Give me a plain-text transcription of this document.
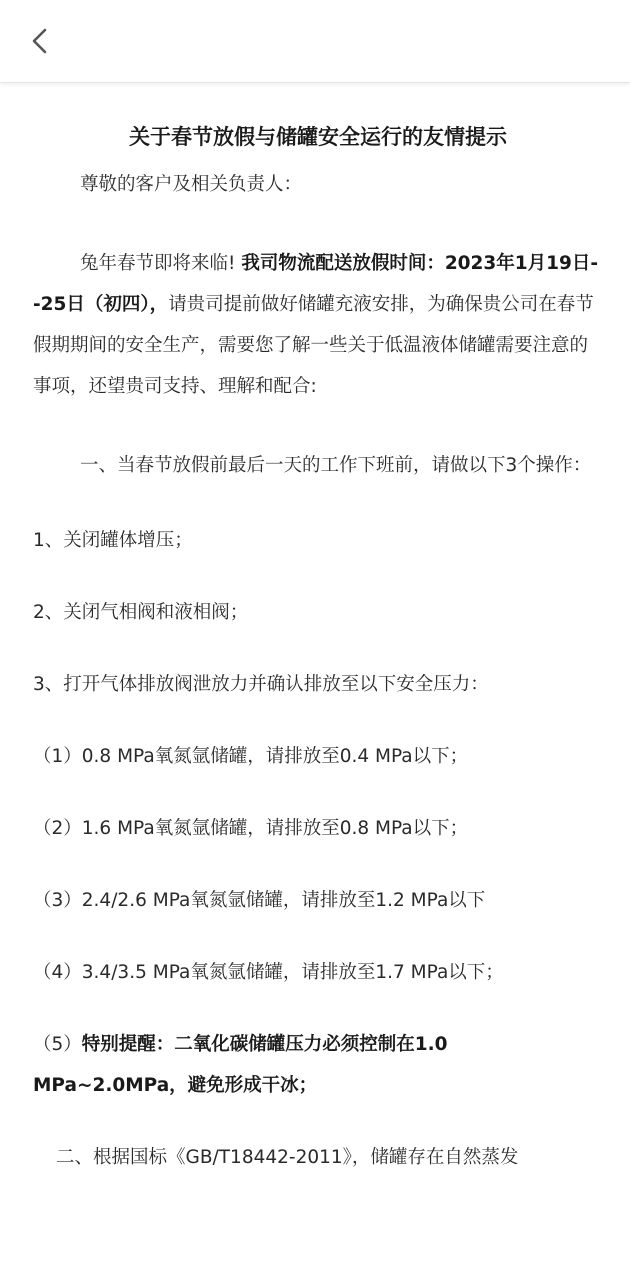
关于春节放假与储罐安全运行的友情提示

尊敬的客户及相关负责人：

兔年春节即将来临! 我司物流配送放假时间：2023年1月19日--25日（初四），请贵司提前做好储罐充液安排，为确保贵公司在春节假期期间的安全生产，需要您了解一些关于低温液体储罐需要注意的事项，还望贵司支持、理解和配合:

一、当春节放假前最后一天的工作下班前，请做以下3个操作：

1、关闭罐体增压；

2、关闭气相阀和液相阀；

3、打开气体排放阀泄放力并确认排放至以下安全压力：

（1）0.8 MPa氧氮氩储罐，请排放至0.4 MPa以下；

（2）1.6 MPa氧氮氩储罐，请排放至0.8 MPa以下；

（3）2.4/2.6 MPa氧氮氩储罐，请排放至1.2 MPa以下

（4）3.4/3.5 MPa氧氮氩储罐，请排放至1.7 MPa以下；

（5）特别提醒：二氧化碳储罐压力必须控制在1.0 MPa~2.0MPa，避免形成干冰；

二、根据国标《GB/T18442-2011》，储罐存在自然蒸发
